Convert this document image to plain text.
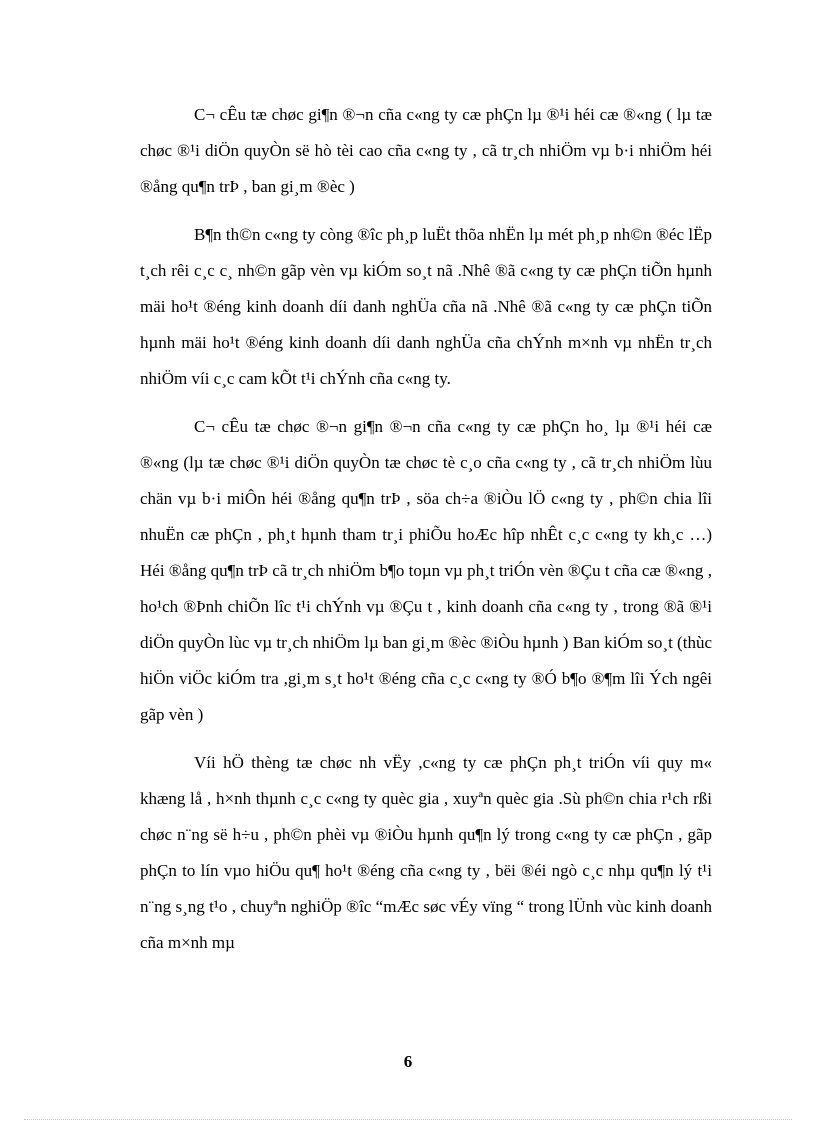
C¬ cÊu tæ chøc gi¶n ®¬n cña c«ng ty cæ phÇn lµ ®¹i héi cæ ®«ng ( lµ tæ chøc ®¹i diÖn quyÒn së hò tèi cao cña c«ng ty , cã tr¸ch nhiÖm vµ b·i nhiÖm héi ®ång qu¶n trÞ , ban gi¸m ®èc )

B¶n th©n c«ng ty còng ®îc ph¸p luËt thõa nhËn lµ mét ph¸p nh©n ®éc lËp t¸ch rêi c¸c c¸ nh©n gãp vèn vµ kiÓm so¸t nã .Nhê ®ã c«ng ty cæ phÇn tiÕn hµnh mäi ho¹t ®éng kinh doanh díi danh nghÜa cña nã .Nhê ®ã c«ng ty cæ phÇn tiÕn hµnh mäi ho¹t ®éng kinh doanh díi danh nghÜa cña chÝnh m×nh vµ nhËn tr¸ch nhiÖm víi c¸c cam kÕt t¹i chÝnh cña c«ng ty.

C¬ cÊu tæ chøc ®¬n gi¶n ®¬n cña c«ng ty cæ phÇn ho¸ lµ ®¹i héi cæ ®«ng (lµ tæ chøc ®¹i diÖn quyÒn tæ chøc tè c¸o cña c«ng ty , cã tr¸ch nhiÖm lùu chän vµ b·i miÔn héi ®ång qu¶n trÞ , söa ch÷a ®iÒu lÖ c«ng ty , ph©n chia lîi nhuËn cæ phÇn , ph¸t hµnh tham tr¸i phiÕu hoÆc hîp nhÊt c¸c c«ng ty kh¸c …) Héi ®ång qu¶n trÞ cã tr¸ch nhiÖm b¶o toµn vµ ph¸t triÓn vèn ®Çu t cña cæ ®«ng , ho¹ch ®Þnh chiÕn lîc t¹i chÝnh vµ ®Çu t , kinh doanh cña c«ng ty , trong ®ã ®¹i diÖn quyÒn lùc vµ tr¸ch nhiÖm lµ ban gi¸m ®èc ®iÒu hµnh ) Ban kiÓm so¸t (thùc hiÖn viÖc kiÓm tra ,gi¸m s¸t ho¹t ®éng cña c¸c c«ng ty ®Ó b¶o ®¶m lîi Ých ngêi gãp vèn )

Víi hÖ thèng tæ chøc nh vËy ,c«ng ty cæ phÇn ph¸t triÓn víi quy m« khæng lå , h×nh thµnh c¸c c«ng ty quèc gia , xuyªn quèc gia .Sù ph©n chia r¹ch rßi chøc n¨ng së h÷u , ph©n phèi vµ ®iÒu hµnh qu¶n lý trong c«ng ty cæ phÇn , gãp phÇn to lín vµo hiÖu qu¶ ho¹t ®éng cña c«ng ty , bëi ®éi ngò c¸c nhµ qu¶n lý t¹i n¨ng s¸ng t¹o , chuyªn nghiÖp ®îc “mÆc søc vÉy vïng “ trong lÜnh vùc kinh doanh cña m×nh mµ

6
